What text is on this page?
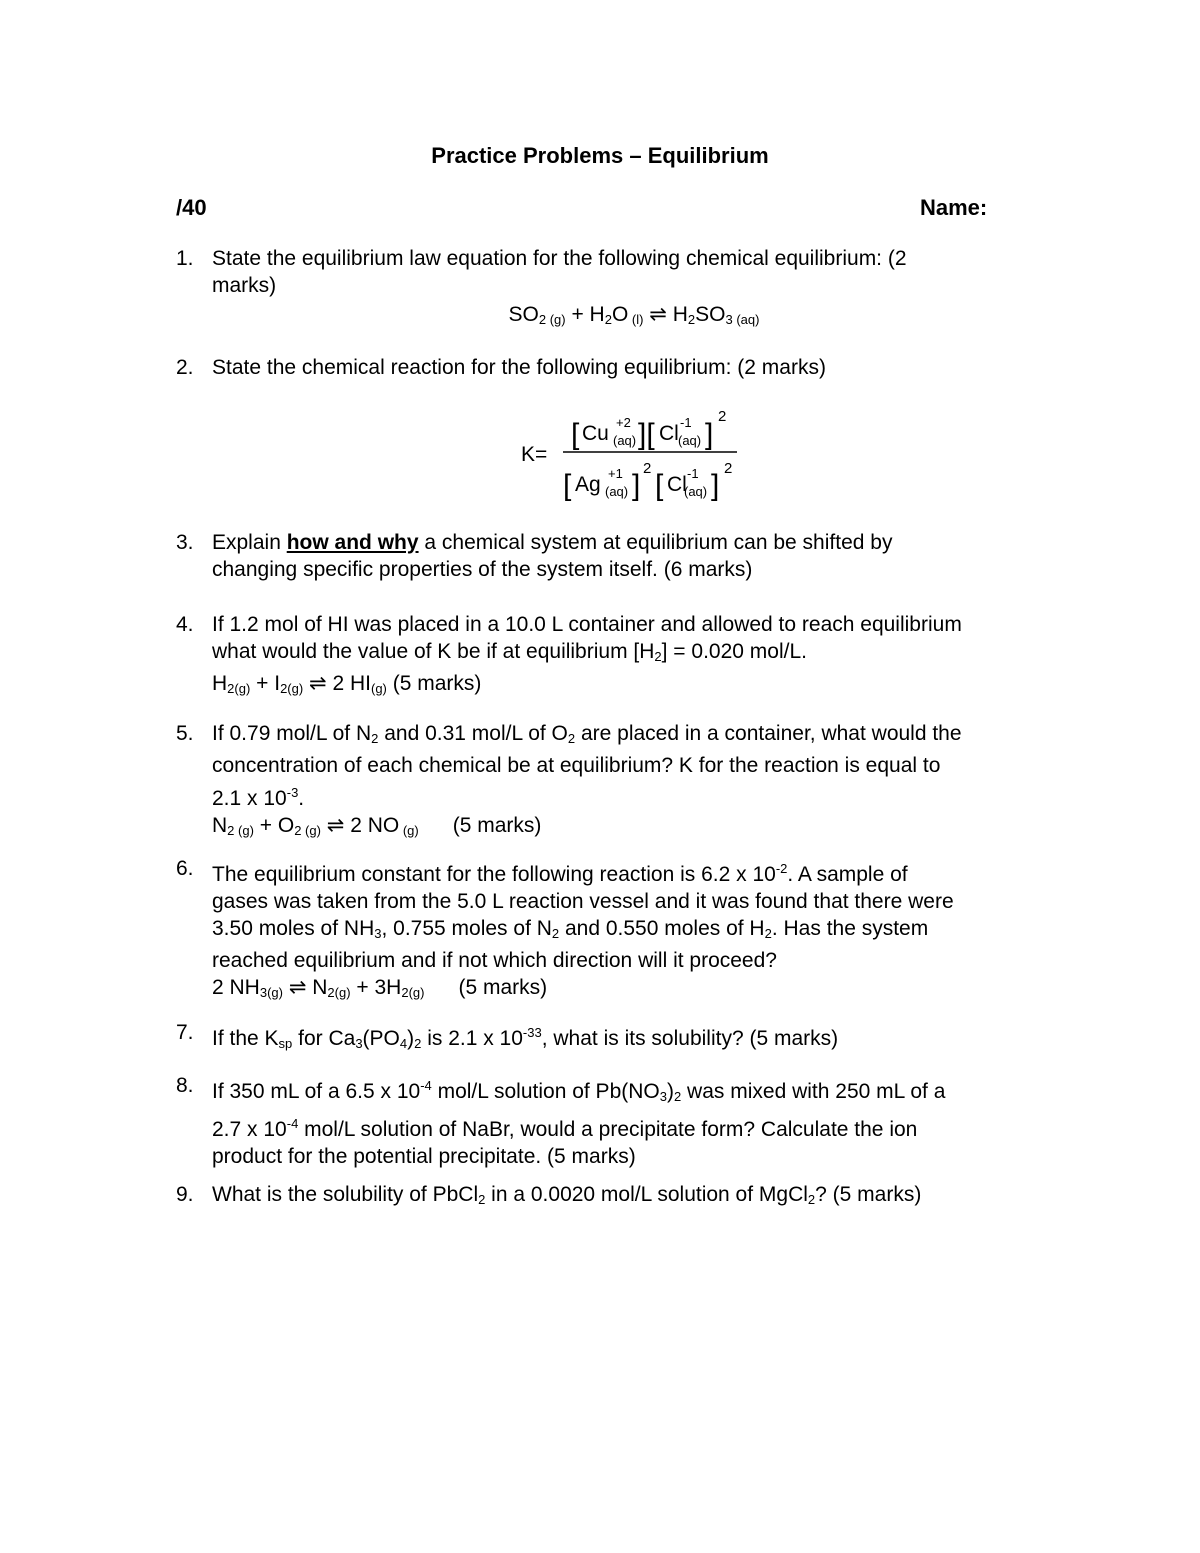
Practice Problems – Equilibrium
/40	Name:
1. State the equilibrium law equation for the following chemical equilibrium: (2
marks)
$SO_2$ $_{(g)} + H_2O$ $_{(l)}$ ⇌ $H_2SO_3$ $_{(aq)}$
2. State the chemical reaction for the following equilibrium: (2 marks)
K=
[ Cu +2
(aq) ][ Cl -1
(aq) ]
2
[ Ag +1
(aq) ]
2
[ Cl -1
(aq) ]
2
3. Explain how and why a chemical system at equilibrium can be shifted by
changing specific properties of the system itself. (6 marks)
4. If 1.2 mol of HI was placed in a 10.0 L container and allowed to reach equilibrium
what would the value of K be if at equilibrium $[H_2] = 0.020$ mol/L.
$H_{2(g)} + I_{2(g)}$ ⇌ 2 $HI_{(g)}$ (5 marks)
5. If 0.79 mol/L of $N_2$ and 0.31 mol/L of $O_2$ are placed in a container, what would the
concentration of each chemical be at equilibrium? K for the reaction is equal to
2.1 x $10^{-3}$.
$N_{2 (g)} + O_{2 (g)}$ ⇌ 2 NO $_{(g)}$ (5 marks)
6. The equilibrium constant for the following reaction is 6.2 x $10^{-2}$. A sample of
gases was taken from the 5.0 L reaction vessel and it was found that there were
3.50 moles of $NH_3$, 0.755 moles of $N_2$ and 0.550 moles of $H_2$. Has the system
reached equilibrium and if not which direction will it proceed?
2 $NH_{3(g)}$ ⇌ $N_{2(g)} + 3H_{2(g)}$ (5 marks)
7. If the $K_{sp}$ for $Ca_3(PO_4)_2$ is 2.1 x $10^{-33}$, what is its solubility? (5 marks)
8. If 350 mL of a 6.5 x $10^{-4}$ mol/L solution of $Pb(NO_3)_2$ was mixed with 250 mL of a
2.7 x $10^{-4}$ mol/L solution of NaBr, would a precipitate form? Calculate the ion
product for the potential precipitate. (5 marks)
9. What is the solubility of PbCl$_2$ in a 0.0020 mol/L solution of MgCl$_2$? (5 marks)
